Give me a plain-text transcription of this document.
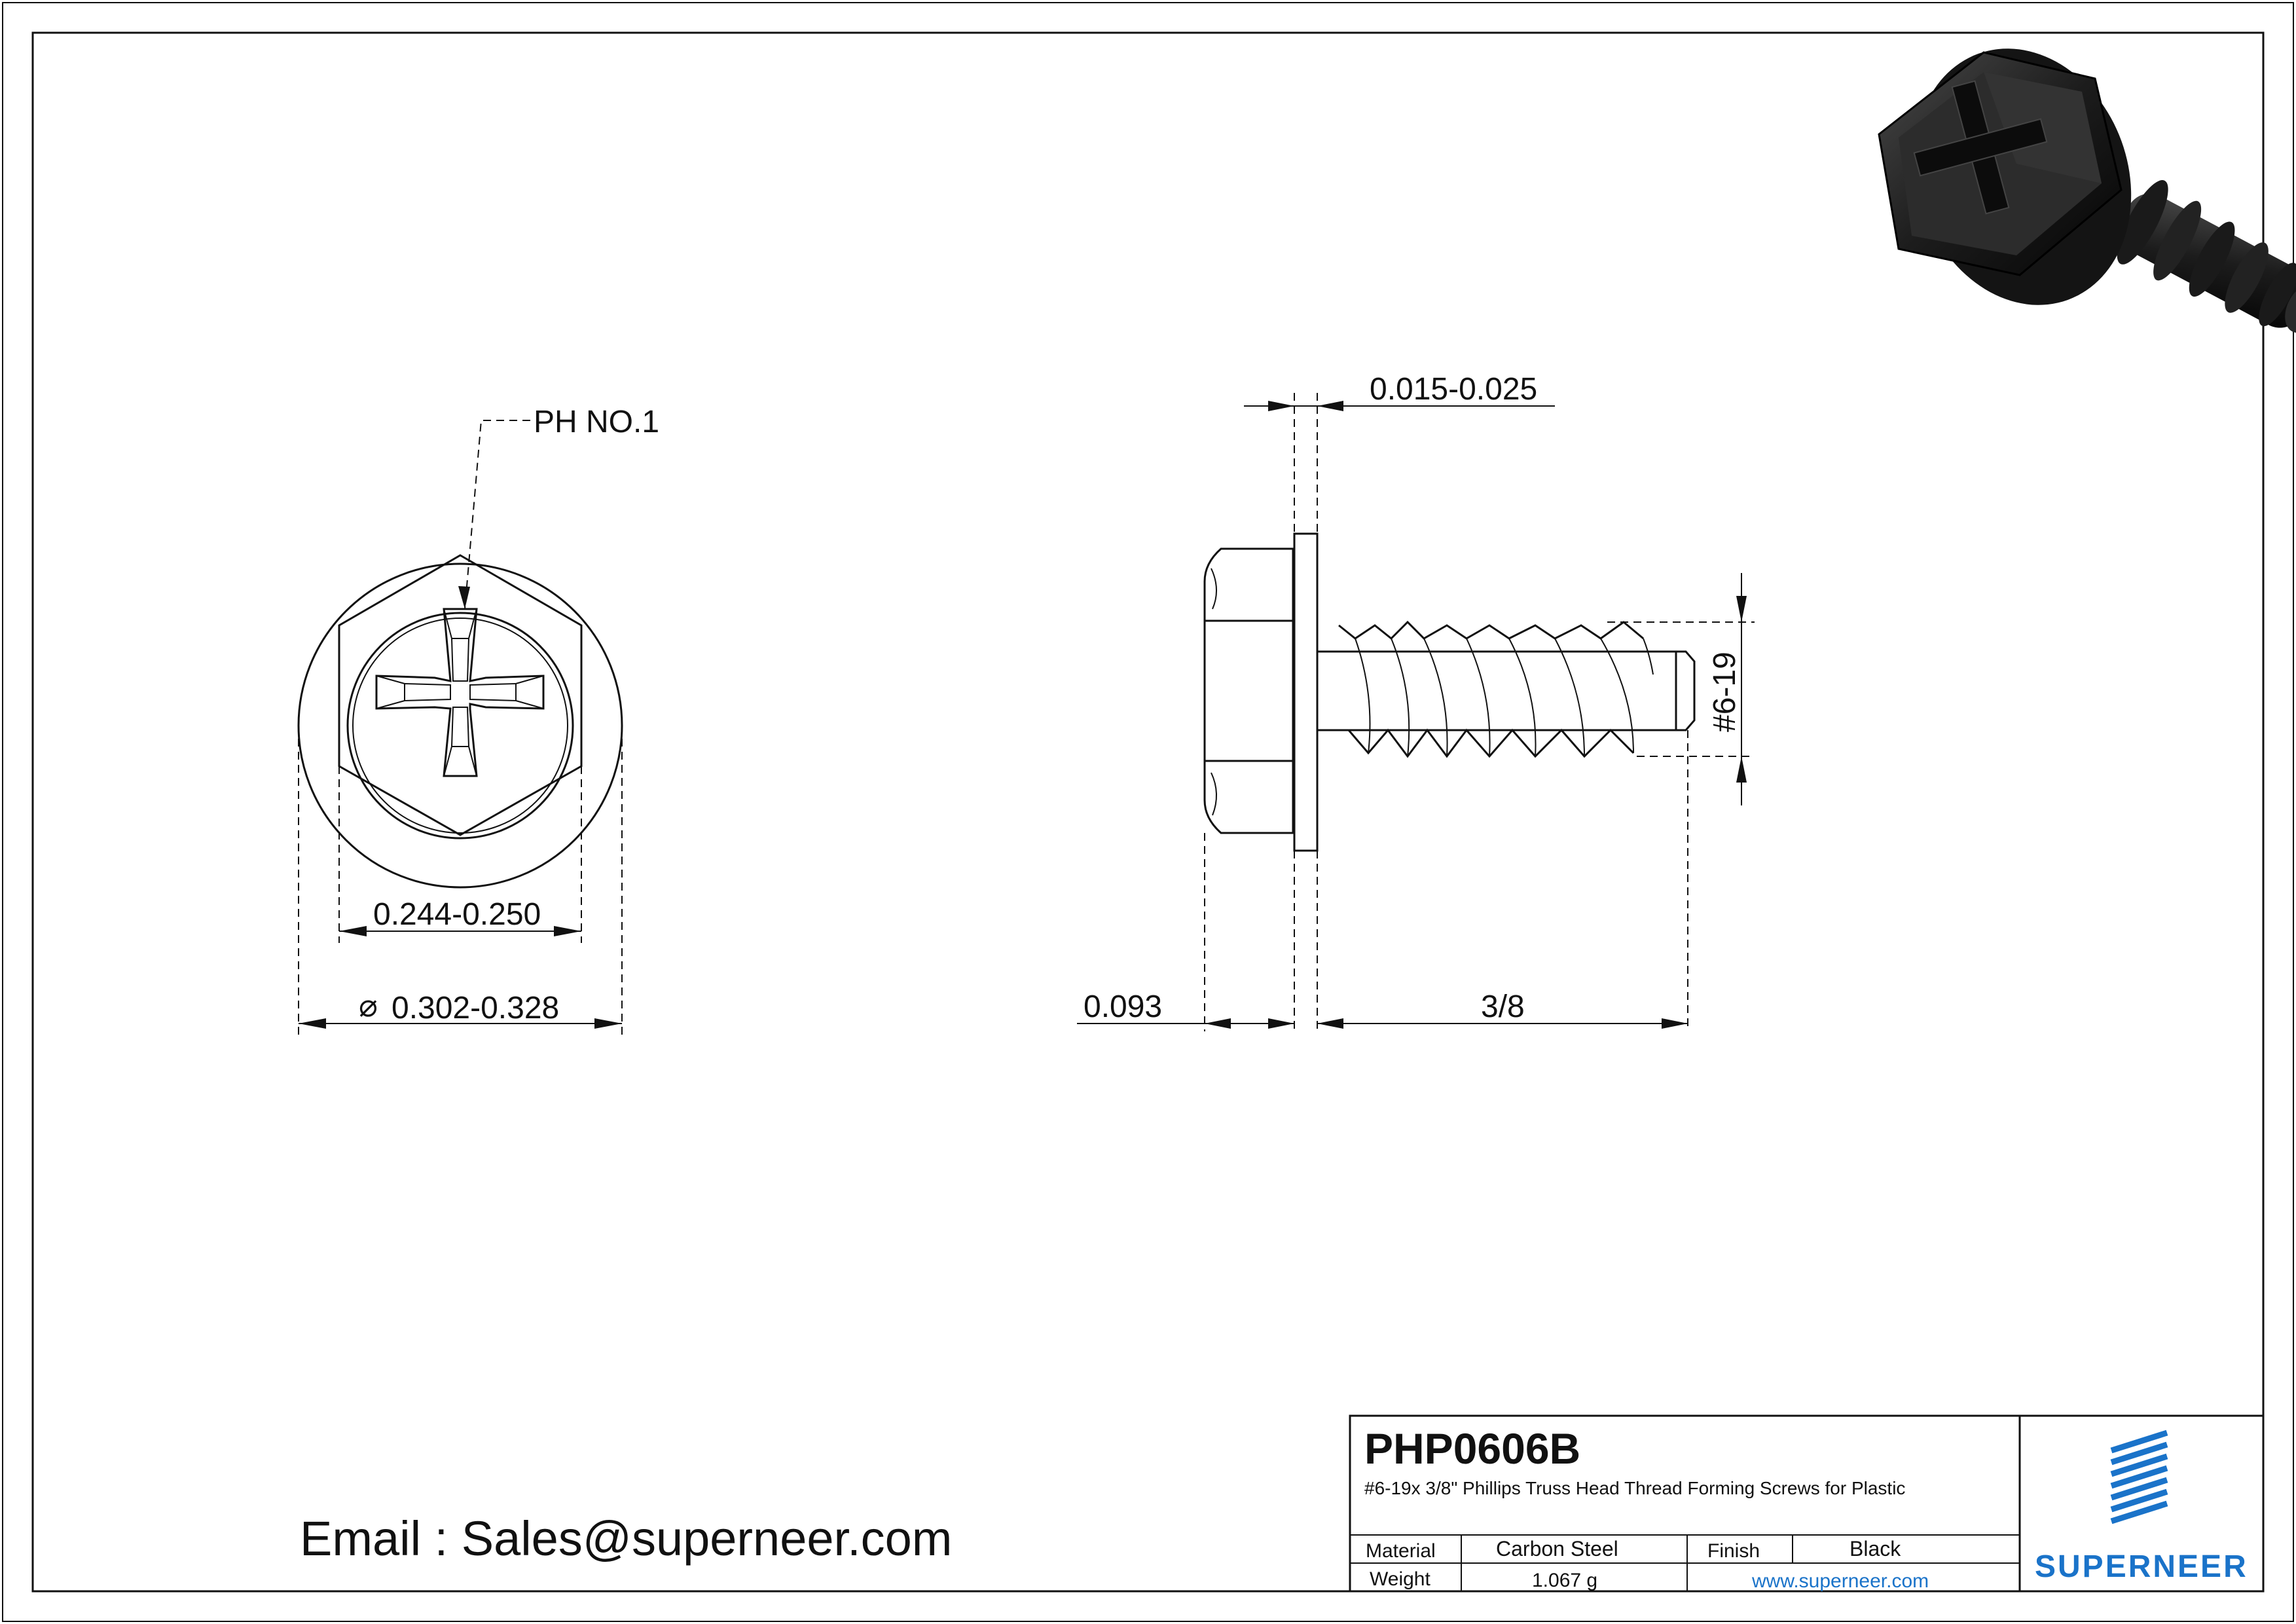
PH NO.1
0.244-0.250
⌀ 0.302-0.328
0.015-0.025
0.093	3/8
#6-19
Email : Sales@superneer.com
PHP0606B
#6-19x 3/8" Phillips Truss Head Thread Forming Screws for Plastic
Material	Carbon Steel	Finish	Black
Weight	1.067 g	www.superneer.com	SUPERNEER
